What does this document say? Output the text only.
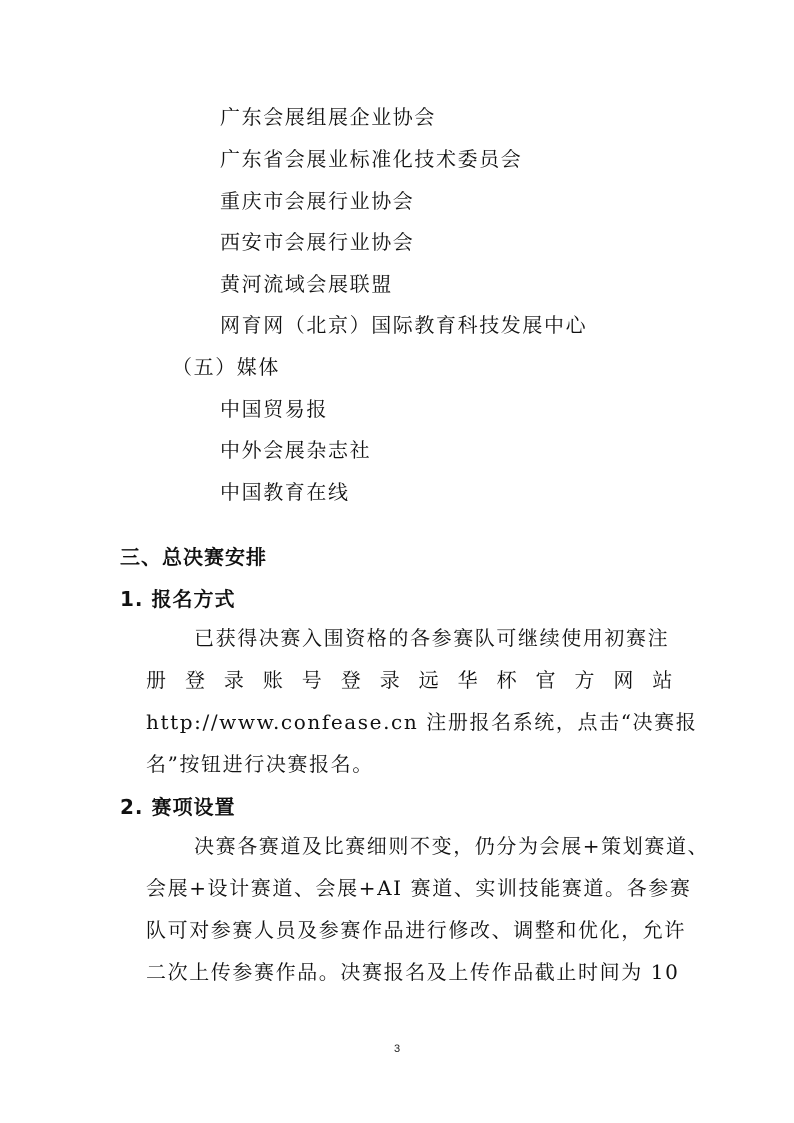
广东会展组展企业协会
广东省会展业标准化技术委员会
重庆市会展行业协会
西安市会展行业协会
黄河流域会展联盟
网育网（北京）国际教育科技发展中心
（五）媒体
中国贸易报
中外会展杂志社
中国教育在线
三、总决赛安排
1. 报名方式
已获得决赛入围资格的各参赛队可继续使用初赛注
册 登 录 账 号 登 录 远 华 杯 官 方 网 站
http://www.confease.cn 注册报名系统，点击“决赛报
名”按钮进行决赛报名。
2. 赛项设置
决赛各赛道及比赛细则不变，仍分为会展+策划赛道、
会展+设计赛道、会展+AI 赛道、实训技能赛道。各参赛
队可对参赛人员及参赛作品进行修改、调整和优化，允许
二次上传参赛作品。决赛报名及上传作品截止时间为 10
3
